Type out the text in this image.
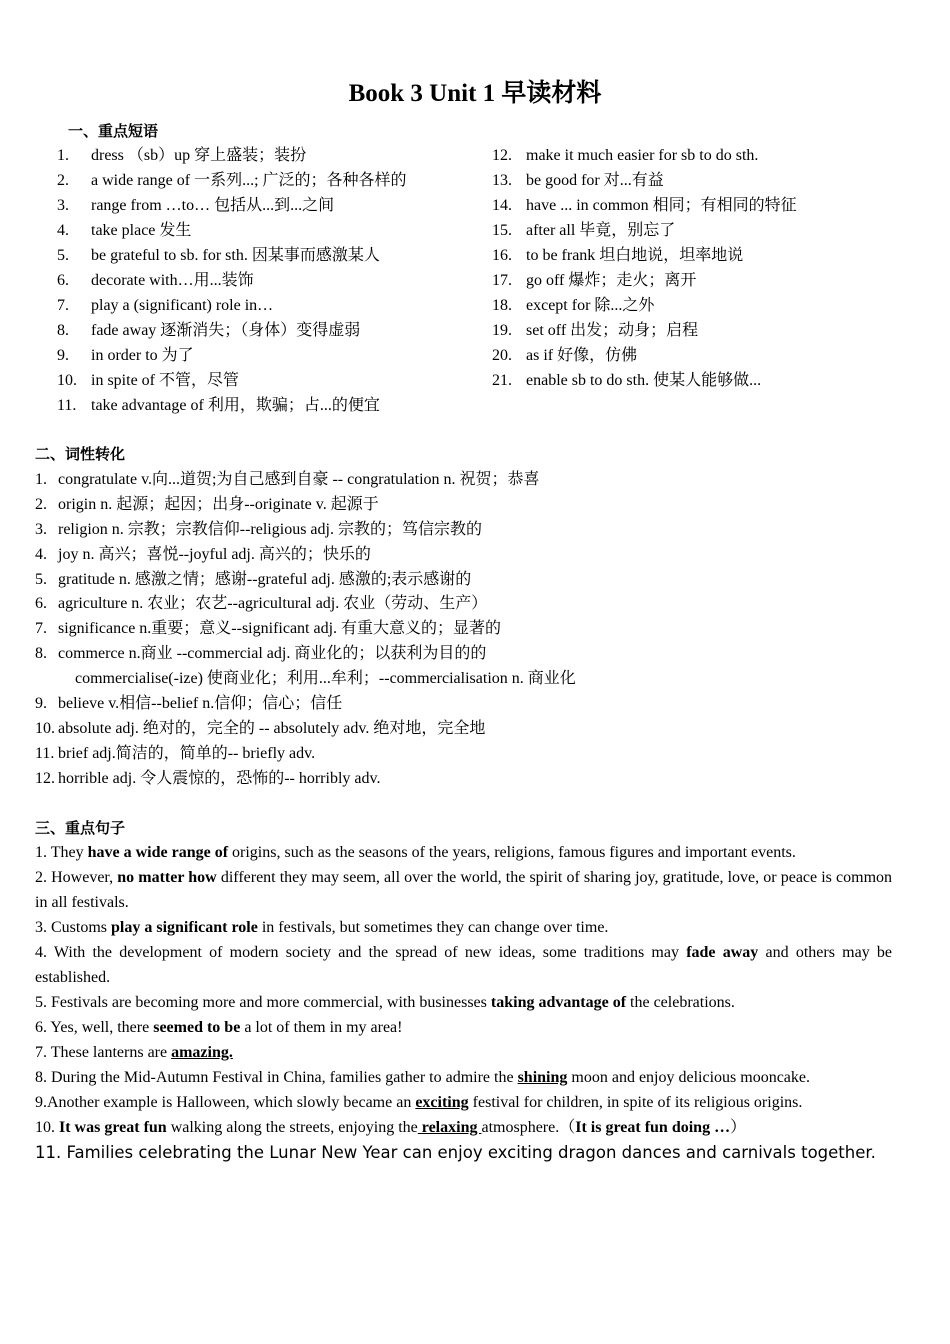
Book 3 Unit 1 早读材料
一、重点短语
1. dress （sb）up 穿上盛装；装扮
2. a wide range of 一系列...; 广泛的；各种各样的
3. range from …to… 包括从...到...之间
4. take place 发生
5. be grateful to sb. for sth. 因某事而感激某人
6. decorate with…用...装饰
7. play a (significant) role in…
8. fade away 逐渐消失；（身体）变得虚弱
9. in order to 为了
10. in spite of 不管，尽管
11. take advantage of 利用，欺骗；占...的便宜
12. make it much easier for sb to do sth.
13. be good for 对...有益
14. have ... in common 相同；有相同的特征
15. after all 毕竟，别忘了
16. to be frank 坦白地说，坦率地说
17. go off 爆炸；走火；离开
18. except for 除...之外
19. set off 出发；动身；启程
20. as if 好像，仿佛
21. enable sb to do sth. 使某人能够做...
二、词性转化
1. congratulate v.向...道贺;为自己感到自豪 -- congratulation n. 祝贺；恭喜
2. origin n. 起源；起因；出身--originate v. 起源于
3. religion n. 宗教；宗教信仰--religious adj. 宗教的；笃信宗教的
4. joy n. 高兴；喜悦--joyful adj. 高兴的；快乐的
5. gratitude n. 感激之情；感谢--grateful adj. 感激的;表示感谢的
6. agriculture n. 农业；农艺--agricultural adj. 农业（劳动、生产）
7. significance n.重要；意义--significant adj. 有重大意义的；显著的
8. commerce n.商业 --commercial adj. 商业化的；以获利为目的的
commercialise(-ize) 使商业化；利用...牟利；--commercialisation n. 商业化
9. believe v.相信--belief n.信仰；信心；信任
10. absolute adj. 绝对的，完全的 -- absolutely adv. 绝对地，完全地
11. brief adj.简洁的，简单的-- briefly adv.
12. horrible adj. 令人震惊的，恐怖的-- horribly adv.
三、重点句子

1. They have a wide range of origins, such as the seasons of the years, religions, famous figures and important events.

2. However, no matter how different they may seem, all over the world, the spirit of sharing joy, gratitude, love, or peace is common in all festivals.

3. Customs play a significant role in festivals, but sometimes they can change over time.

4. With the development of modern society and the spread of new ideas, some traditions may fade away and others may be established.

5. Festivals are becoming more and more commercial, with businesses taking advantage of the celebrations.

6. Yes, well, there seemed to be a lot of them in my area!

7. These lanterns are amazing.

8. During the Mid-Autumn Festival in China, families gather to admire the shining moon and enjoy delicious mooncake.

9.Another example is Halloween, which slowly became an exciting festival for children, in spite of its religious origins.

10. It was great fun walking along the streets, enjoying the relaxing atmosphere.（It is great fun doing …）

11. Families celebrating the Lunar New Year can enjoy exciting dragon dances and carnivals together.
